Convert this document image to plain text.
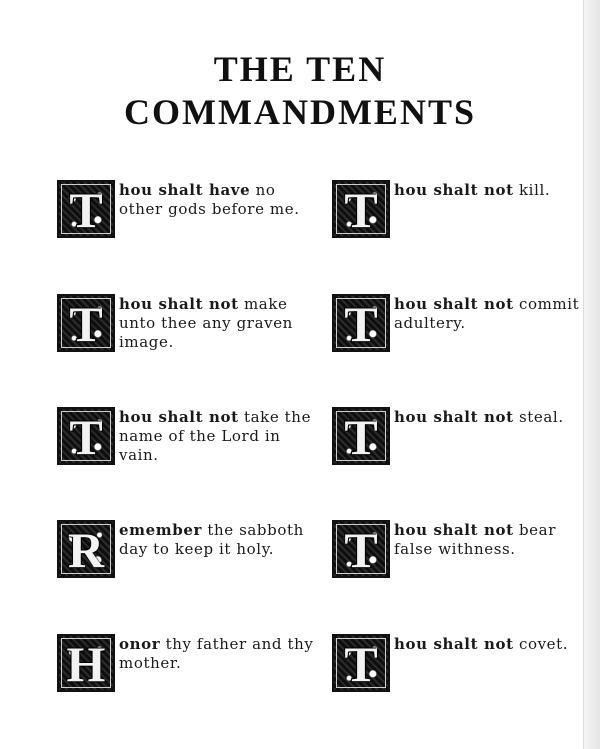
THE TEN
COMMANDMENTS
T	hou shalt have no other gods before me.
T	hou shalt not make unto thee any graven image.
T	hou shalt not take the name of the Lord in vain.
R emember the sabboth day to keep it holy.
H onor thy father and thy mother.
T	hou shalt not kill.
T	hou shalt not commit adultery.
T	hou shalt not steal.
T	hou shalt not bear false withness.
T	hou shalt not covet.
